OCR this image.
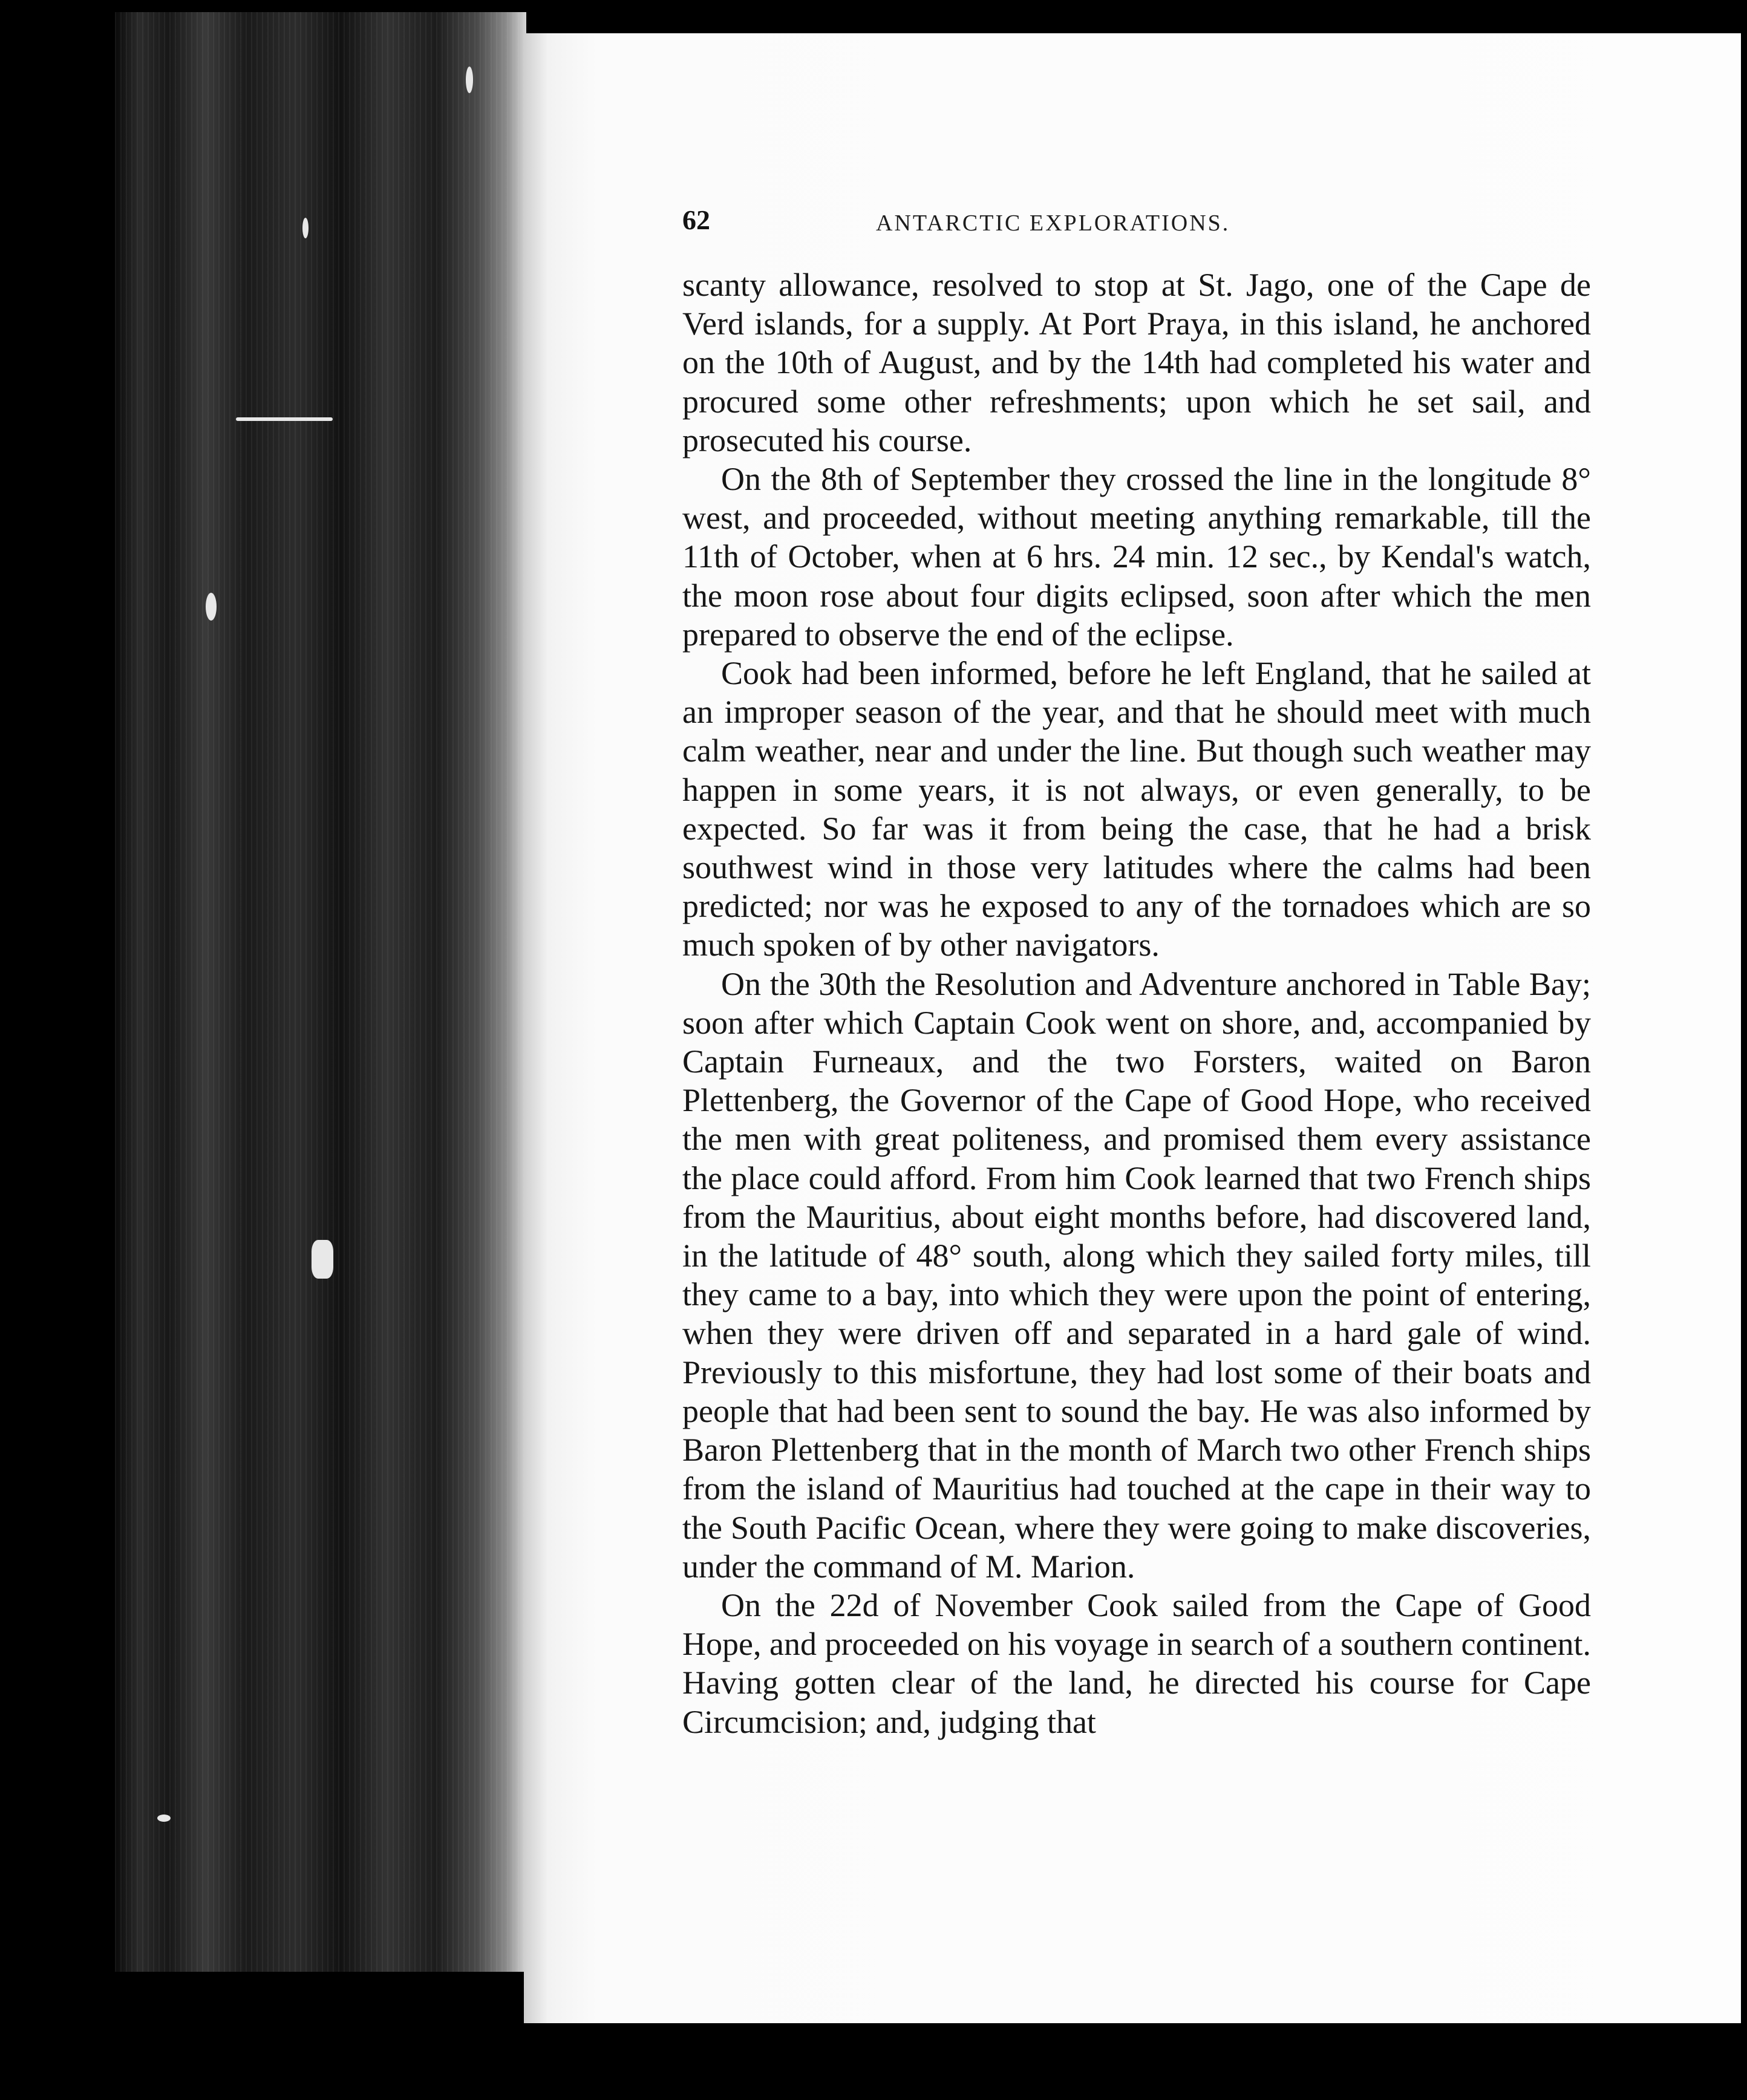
62	ANTARCTIC EXPLORATIONS.

scanty allowance, resolved to stop at St. Jago, one of the Cape de Verd islands, for a supply. At Port Praya, in this island, he anchored on the 10th of August, and by the 14th had completed his water and procured some other refreshments; upon which he set sail, and prosecuted his course.

On the 8th of September they crossed the line in the longitude 8° west, and proceeded, without meeting anything remarkable, till the 11th of October, when at 6 hrs. 24 min. 12 sec., by Kendal's watch, the moon rose about four digits eclipsed, soon after which the men prepared to observe the end of the eclipse.

Cook had been informed, before he left England, that he sailed at an improper season of the year, and that he should meet with much calm weather, near and under the line. But though such weather may happen in some years, it is not always, or even generally, to be expected. So far was it from being the case, that he had a brisk southwest wind in those very latitudes where the calms had been predicted; nor was he exposed to any of the tornadoes which are so much spoken of by other navigators.

On the 30th the Resolution and Adventure anchored in Table Bay; soon after which Captain Cook went on shore, and, accompanied by Captain Furneaux, and the two Forsters, waited on Baron Plettenberg, the Governor of the Cape of Good Hope, who received the men with great politeness, and promised them every assistance the place could afford. From him Cook learned that two French ships from the Mauritius, about eight months before, had discovered land, in the latitude of 48° south, along which they sailed forty miles, till they came to a bay, into which they were upon the point of entering, when they were driven off and separated in a hard gale of wind. Previously to this misfortune, they had lost some of their boats and people that had been sent to sound the bay. He was also informed by Baron Plettenberg that in the month of March two other French ships from the island of Mauritius had touched at the cape in their way to the South Pacific Ocean, where they were going to make discoveries, under the command of M. Marion.

On the 22d of November Cook sailed from the Cape of Good Hope, and proceeded on his voyage in search of a southern continent. Having gotten clear of the land, he directed his course for Cape Circumcision; and, judging that
